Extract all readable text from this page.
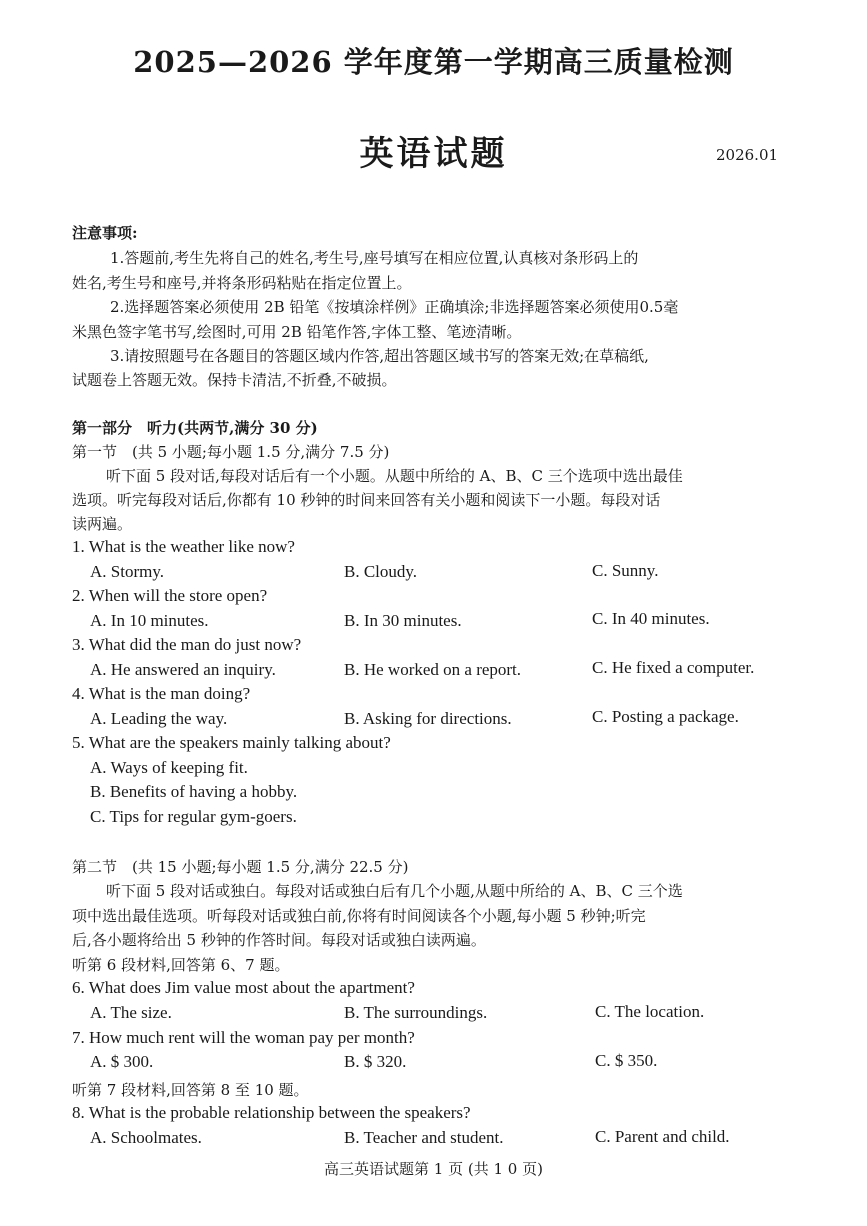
2025—2026 学年度第一学期高三质量检测
英语试题	2026.01
注意事项:
1.答题前,考生先将自己的姓名,考生号,座号填写在相应位置,认真核对条形码上的
姓名,考生号和座号,并将条形码粘贴在指定位置上。
2.选择题答案必须使用 2B 铅笔《按填涂样例》正确填涂;非选择题答案必须使用0.5毫
米黑色签字笔书写,绘图时,可用 2B 铅笔作答,字体工整、笔迹清晰。
3.请按照题号在各题目的答题区域内作答,超出答题区域书写的答案无效;在草稿纸,
试题卷上答题无效。保持卡清洁,不折叠,不破损。
第一部分　听力(共两节,满分 30 分)
第一节　(共 5 小题;每小题 1.5 分,满分 7.5 分)
听下面 5 段对话,每段对话后有一个小题。从题中所给的 A、B、C 三个选项中选出最佳
选项。听完每段对话后,你都有 10 秒钟的时间来回答有关小题和阅读下一小题。每段对话
读两遍。
1. What is the weather like now?
A. Stormy.	B. Cloudy.	C. Sunny.
2. When will the store open?
A. In 10 minutes.	B. In 30 minutes.	C. In 40 minutes.
3. What did the man do just now?
A. He answered an inquiry.	B. He worked on a report.	C. He fixed a computer.
4. What is the man doing?
A. Leading the way.	B. Asking for directions.	C. Posting a package.
5. What are the speakers mainly talking about?
A. Ways of keeping fit.
B. Benefits of having a hobby.
C. Tips for regular gym-goers.
第二节　(共 15 小题;每小题 1.5 分,满分 22.5 分)
听下面 5 段对话或独白。每段对话或独白后有几个小题,从题中所给的 A、B、C 三个选
项中选出最佳选项。听每段对话或独白前,你将有时间阅读各个小题,每小题 5 秒钟;听完
后,各小题将给出 5 秒钟的作答时间。每段对话或独白读两遍。
听第 6 段材料,回答第 6、7 题。
6. What does Jim value most about the apartment?
A. The size.	B. The surroundings.	C. The location.
7. How much rent will the woman pay per month?
A. $ 300.	B. $ 320.	C. $ 350.
听第 7 段材料,回答第 8 至 10 题。
8. What is the probable relationship between the speakers?
A. Schoolmates.	B. Teacher and student.	C. Parent and child.
高三英语试题第 1 页 (共 1 0 页)
